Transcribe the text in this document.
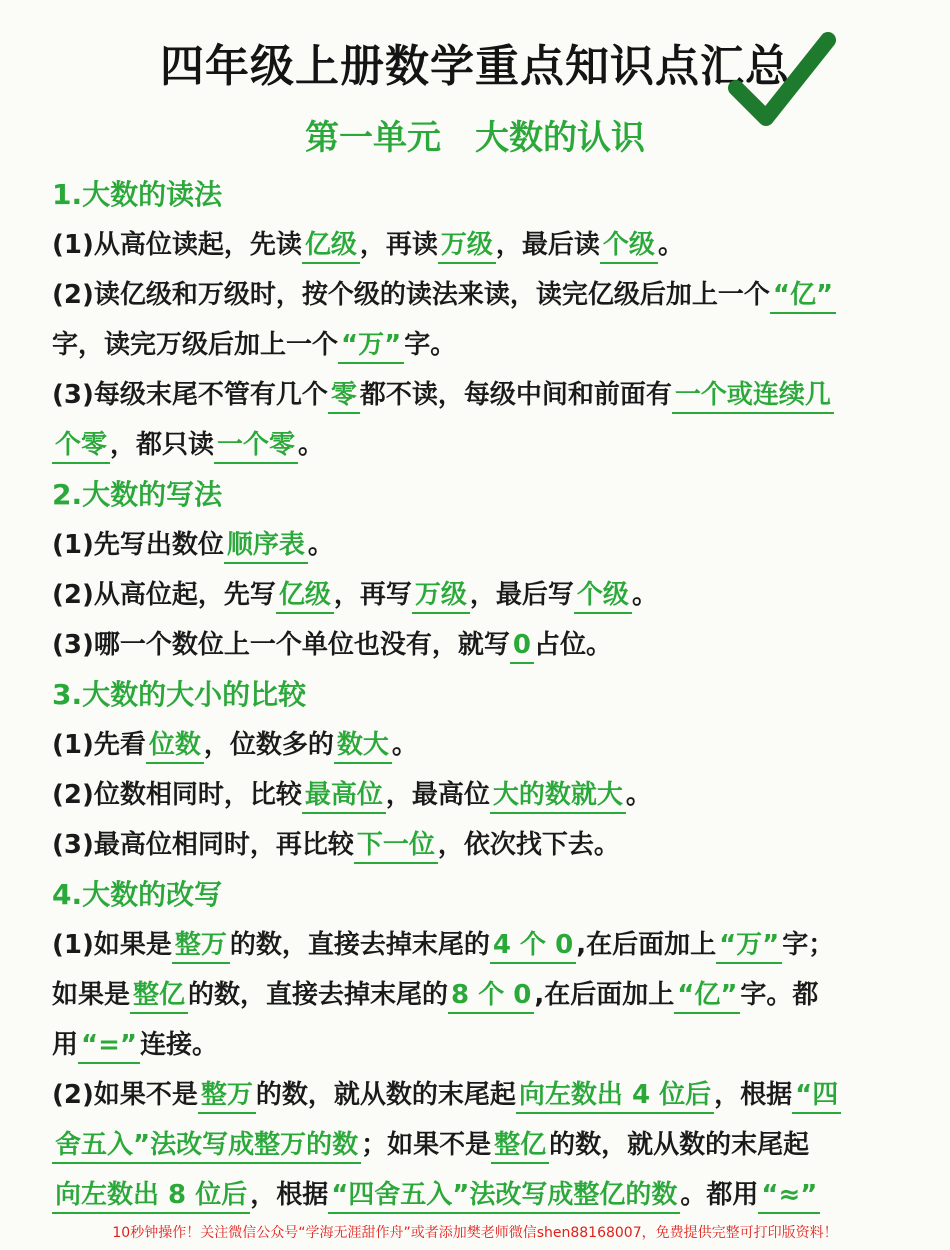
四年级上册数学重点知识点汇总
第一单元　大数的认识
1.大数的读法
(1)从高位读起，先读 亿级 ，再读 万级 ，最后读 个级 。
(2)读亿级和万级时，按个级的读法来读，读完亿级后加上一个 “亿”
字，读完万级后加上一个 “万” 字。
(3)每级末尾不管有几个 零 都不读，每级中间和前面有 一个或连续几
个零 ，都只读 一个零 。
2.大数的写法
(1)先写出数位 顺序表 。
(2)从高位起，先写 亿级 ，再写 万级 ，最后写 个级 。
(3)哪一个数位上一个单位也没有，就写 0 占位。
3.大数的大小的比较
(1)先看 位数 ，位数多的 数大 。
(2)位数相同时，比较 最高位 ，最高位 大的数就大 。
(3)最高位相同时，再比较 下一位 ，依次找下去。
4.大数的改写
(1)如果是 整万 的数，直接去掉末尾的 4 个 0 ,在后面加上 “万” 字；
如果是 整亿 的数，直接去掉末尾的 8 个 0 ,在后面加上 “亿” 字。都
用 “=” 连接。
(2)如果不是 整万 的数，就从数的末尾起 向左数出 4 位后 ，根据 “四
舍五入”法改写成整万的数 ；如果不是 整亿 的数，就从数的末尾起
向左数出 8 位后 ，根据 “四舍五入”法改写成整亿的数 。都用 “≈”
10秒钟操作！关注微信公众号“学海无涯甜作舟”或者添加樊老师微信shen88168007，免费提供完整可打印版资料！
